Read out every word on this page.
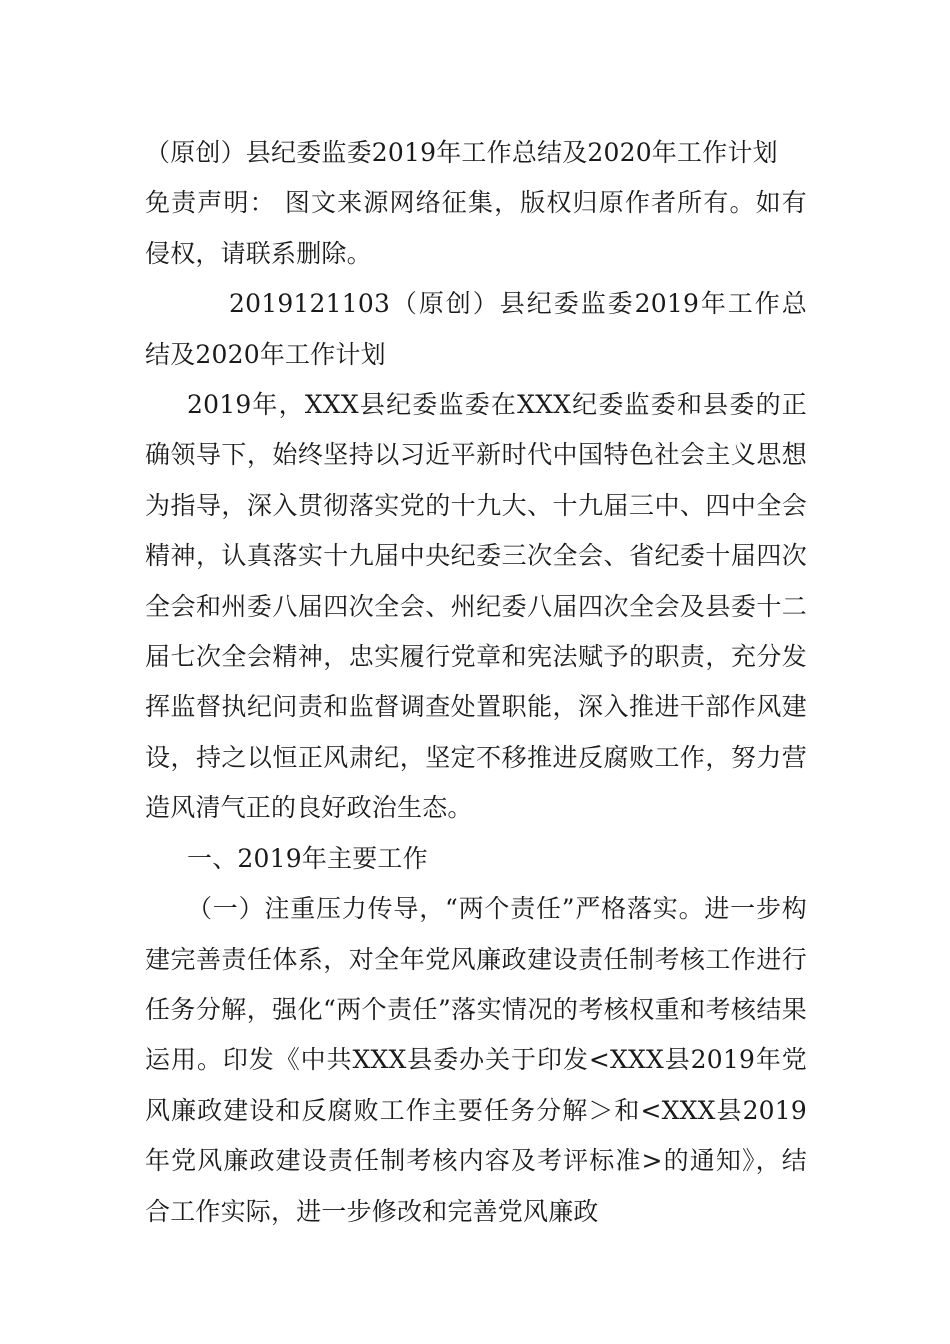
（原创）县纪委监委2019年工作总结及2020年工作计划

免责声明： 图文来源网络征集，版权归原作者所有。如有侵权，请联系删除。

2019121103（原创）县纪委监委2019年工作总结及2020年工作计划

2019年，XXX县纪委监委在XXX纪委监委和县委的正确领导下，始终坚持以习近平新时代中国特色社会主义思想为指导，深入贯彻落实党的十九大、十九届三中、四中全会精神，认真落实十九届中央纪委三次全会、省纪委十届四次全会和州委八届四次全会、州纪委八届四次全会及县委十二届七次全会精神，忠实履行党章和宪法赋予的职责，充分发挥监督执纪问责和监督调查处置职能，深入推进干部作风建设，持之以恒正风肃纪，坚定不移推进反腐败工作，努力营造风清气正的良好政治生态。

一、2019年主要工作

（一）注重压力传导，“两个责任”严格落实。进一步构建完善责任体系，对全年党风廉政建设责任制考核工作进行任务分解，强化“两个责任”落实情况的考核权重和考核结果运用。印发《中共XXX县委办关于印发<XXX县2019年党风廉政建设和反腐败工作主要任务分解＞和<XXX县2019年党风廉政建设责任制考核内容及考评标准>的通知》，结合工作实际，进一步修改和完善党风廉政
